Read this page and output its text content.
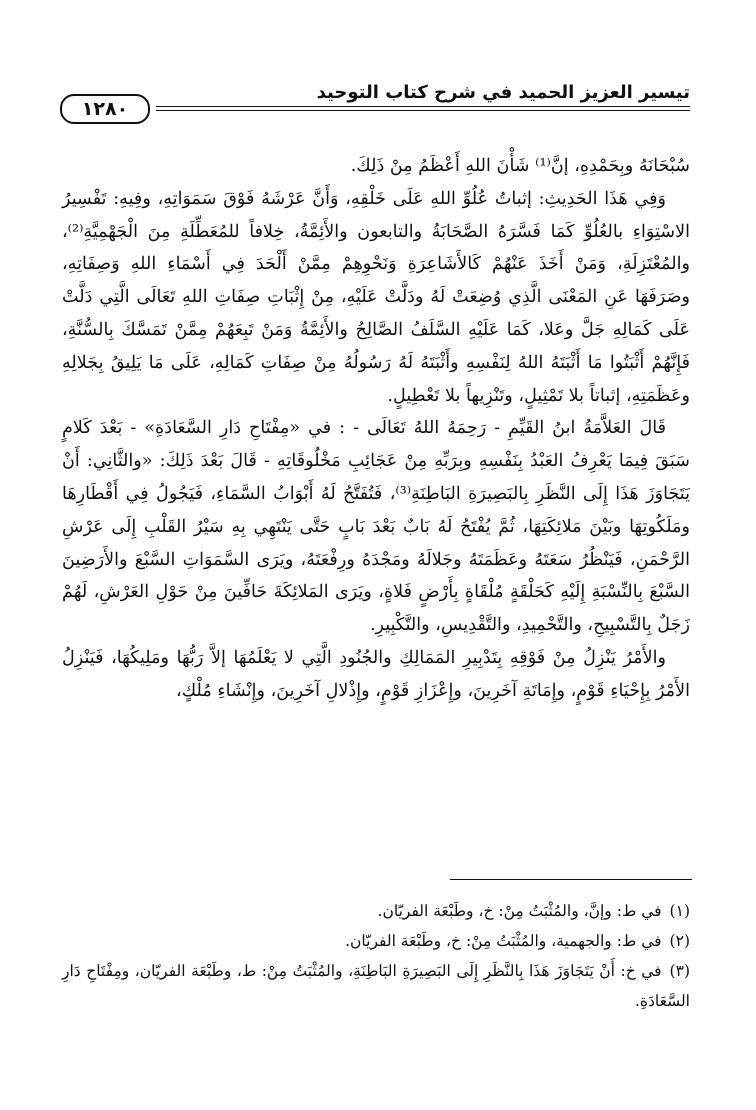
تيسير العزيز الحميد في شرح كتاب التوحيد
١٢٨٠

سُبْحَانَهُ وبِحَمْدِهِ، إنَّ⁽¹⁾ شَأْنَ اللهِ أَعْظَمُ مِنْ ذَلِكَ.

وَفِي هَذَا الحَدِيثِ: إثباتُ عُلُوِّ اللهِ عَلَى خَلْقِهِ، وَأَنَّ عَرْشَهُ فَوْقَ سَمَوَاتِهِ، وفِيهِ: تَفْسِيرُ الاسْتِوَاءِ بالعُلُوِّ كَمَا فَسَّرَهُ الصَّحَابَةُ والتابعون والأَئِمَّةُ، خِلافاً للمُعَطِّلَةِ مِنَ الْجَهْمِيَّةِ⁽²⁾، والمُعْتَزِلَةِ، وَمَنْ أَخَذَ عَنْهُمْ كَالأَشَاعِرَةِ وَنَحْوِهِمْ مِمَّنْ أَلْحَدَ فِي أَسْمَاءِ اللهِ وَصِفَاتِهِ، وصَرَفَهَا عَنِ المَعْنَى الَّذِي وُضِعَتْ لَهُ ودَلَّتْ عَلَيْهِ، مِنْ إِثْبَاتِ صِفَاتِ اللهِ تَعَالَى الَّتِي دَلَّتْ عَلَى كَمَالِهِ جَلَّ وعَلا، كَمَا عَلَيْهِ السَّلَفُ الصَّالِحُ والأَئِمَّةُ وَمَنْ تَبِعَهُمْ مِمَّنْ تَمَسَّكَ بِالسُّنَّةِ، فَإِنَّهُمْ أَثْبَتُوا مَا أَثْبَتَهُ اللهُ لِنَفْسِهِ وأَثْبَتَهُ لَهُ رَسُولُهُ مِنْ صِفَاتِ كَمَالِهِ، عَلَى مَا يَلِيقُ بِجَلالِهِ وعَظَمَتِهِ، إثباتاً بلا تَمْثِيلٍ، وتَنْزِيهاً بلا تَعْطِيلٍ.

قَالَ العَلاَّمَةُ ابنُ القَيِّمِ - رَحِمَهُ اللهُ تَعَالَى - : في «مِفْتَاحِ دَارِ السَّعَادَةِ» - بَعْدَ كَلامٍ سَبَقَ فِيمَا يَعْرِفُ العَبْدُ بِنَفْسِهِ وبِرَبِّهِ مِنْ عَجَائِبِ مَخْلُوقَاتِهِ - قَالَ بَعْدَ ذَلِكَ: «والثَّانِي: أَنْ يَتَجَاوَزَ هَذَا إِلَى النَّظَرِ بِالبَصِيرَةِ البَاطِنَةِ⁽³⁾، فَتُفَتَّحُ لَهُ أَبْوَابُ السَّمَاءِ، فَيَجُولُ فِي أَقْطَارِهَا ومَلَكُوتِهَا وبَيْنَ مَلائِكَتِهَا، ثُمَّ يُفْتَحُ لَهُ بَابٌ بَعْدَ بَابٍ حَتَّى يَنْتَهِي بِهِ سَيْرُ القَلْبِ إِلَى عَرْشِ الرَّحْمَنِ، فَيَنْظُرُ سَعَتَهُ وعَظَمَتَهُ وجَلالَهُ ومَجْدَهُ ورِفْعَتَهُ، ويَرَى السَّمَوَاتِ السَّبْعَ والأَرَضِينَ السَّبْعَ بِالنِّسْبَةِ إِلَيْهِ كَحَلْقَةٍ مُلْقَاةٍ بِأَرْضٍ فَلاةٍ، ويَرَى المَلائِكَةَ حَافِّينَ مِنْ حَوْلِ العَرْشِ، لَهُمْ زَجَلٌ بِالتَّسْبِيحِ، والتَّحْمِيدِ، والتَّقْدِيسِ، والتَّكْبِيرِ.

والأَمْرُ يَنْزِلُ مِنْ فَوْقِهِ بِتَدْبِيرِ المَمَالِكِ والجُنُودِ الَّتِي لا يَعْلَمُهَا إلاَّ رَبُّهَا ومَلِيكُهَا، فَيَنْزِلُ الأَمْرُ بِإِحْيَاءِ قَوْمٍ، وإِمَاتَةِ آخَرِينَ، وإِعْزَازِ قَوْمٍ، وإِذْلالِ آخَرِينَ، وإِنْشَاءِ مُلْكٍ،

(١)في ط: وإنَّ، والمُثْبَتُ مِنْ: خ، وطَبْعَة الفريّان.

(٢)في ط: والجهمية، والمُثْبَتُ مِنْ: خ، وطَبْعَة الفريّان.

(٣)في خ: أَنْ يَتَجَاوَزَ هَذَا بِالنَّظَرِ إِلَى البَصِيرَةِ البَاطِنَةِ، والمُثْبَتُ مِنْ: ط، وطَبْعَة الفريّان، ومِفْتَاحِ دَارِ السَّعَادَةِ.
